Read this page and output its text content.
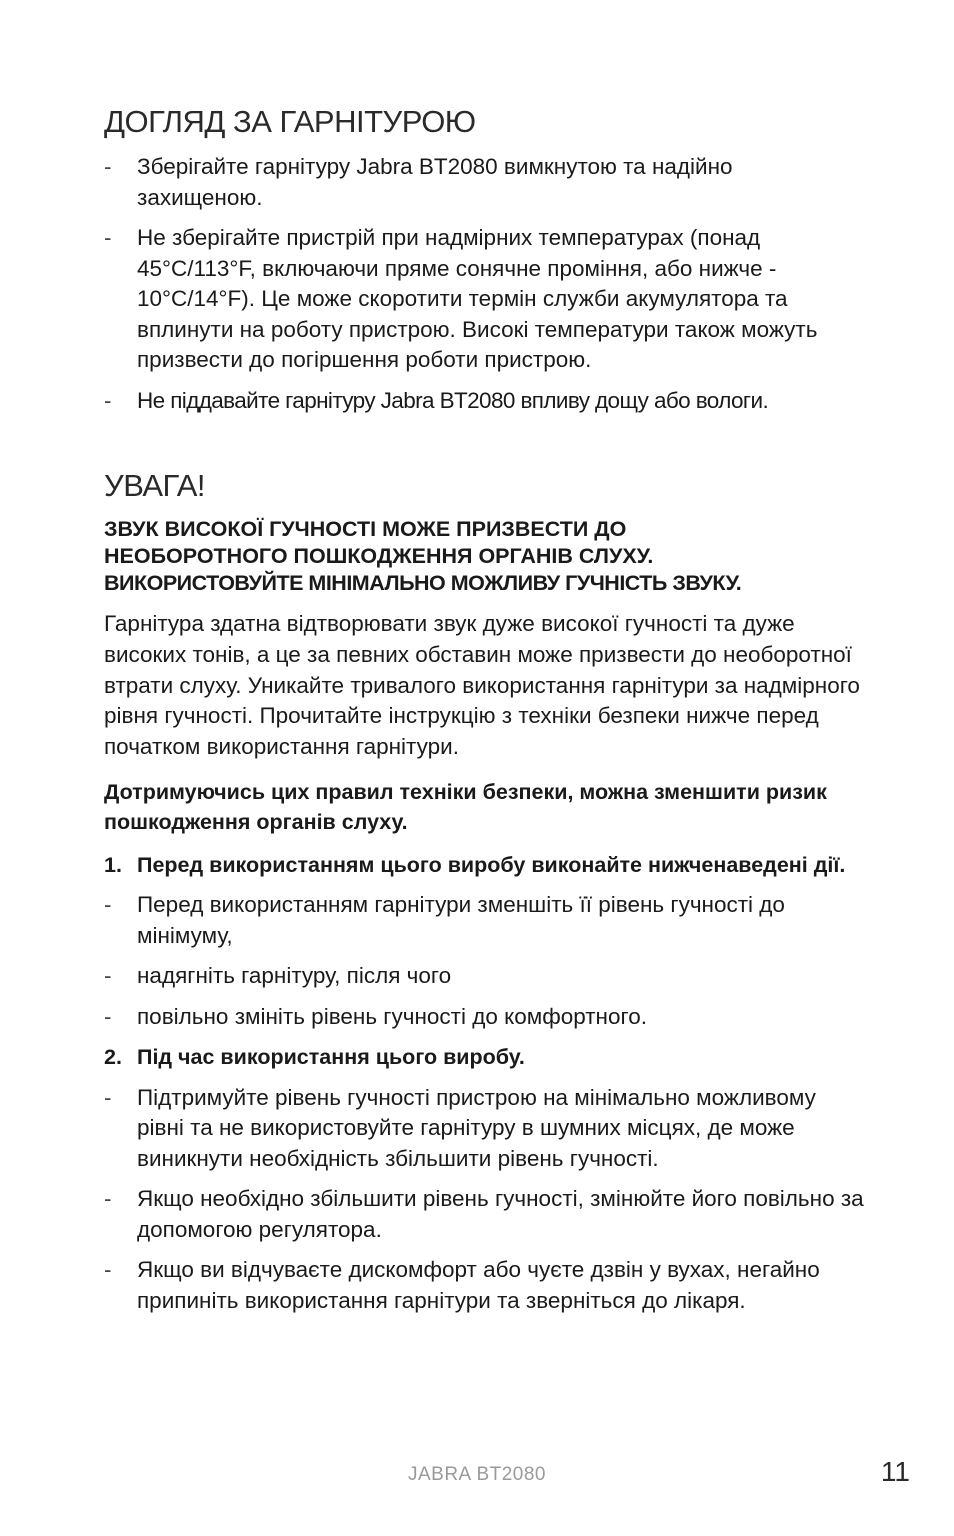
ДОГЛЯД ЗА ГАРНІТУРОЮ
- Зберігайте гарнітуру Jabra BT2080 вимкнутою та надійно захищеною.
- Не зберігайте пристрій при надмірних температурах (понад 45°C/113°F, включаючи пряме сонячне проміння, або нижче - 10°C/14°F). Це може скоротити термін служби акумулятора та вплинути на роботу пристрою. Високі температури також можуть призвести до погіршення роботи пристрою.
- Не піддавайте гарнітуру Jabra BT2080 впливу дощу або вологи.
УВАГА!

ЗВУК ВИСОКОЇ ГУЧНОСТІ МОЖЕ ПРИЗВЕСТИ ДО

НЕОБОРОТНОГО ПОШКОДЖЕННЯ ОРГАНІВ СЛУХУ.

ВИКОРИСТОВУЙТЕ МІНІМАЛЬНО МОЖЛИВУ ГУЧНІСТЬ ЗВУКУ.

Гарнітура здатна відтворювати звук дуже високої гучності та дуже високих тонів, а це за певних обставин може призвести до необоротної втрати слуху. Уникайте тривалого використання гарнітури за надмірного рівня гучності. Прочитайте інструкцію з техніки безпеки нижче перед початком використання гарнітури.

Дотримуючись цих правил техніки безпеки, можна зменшити ризик пошкодження органів слуху.

1. Перед використанням цього виробу виконайте нижченаведені дії.
- Перед використанням гарнітури зменшіть її рівень гучності до мінімуму,
- надягніть гарнітуру, після чого
- повільно змініть рівень гучності до комфортного.
2. Під час використання цього виробу.
- Підтримуйте рівень гучності пристрою на мінімально можливому рівні та не використовуйте гарнітуру в шумних місцях, де може виникнути необхідність збільшити рівень гучності.
- Якщо необхідно збільшити рівень гучності, змінюйте його повільно за допомогою регулятора.
- Якщо ви відчуваєте дискомфорт або чуєте дзвін у вухах, негайно припиніть використання гарнітури та зверніться до лікаря.
JABRA BT2080	11
